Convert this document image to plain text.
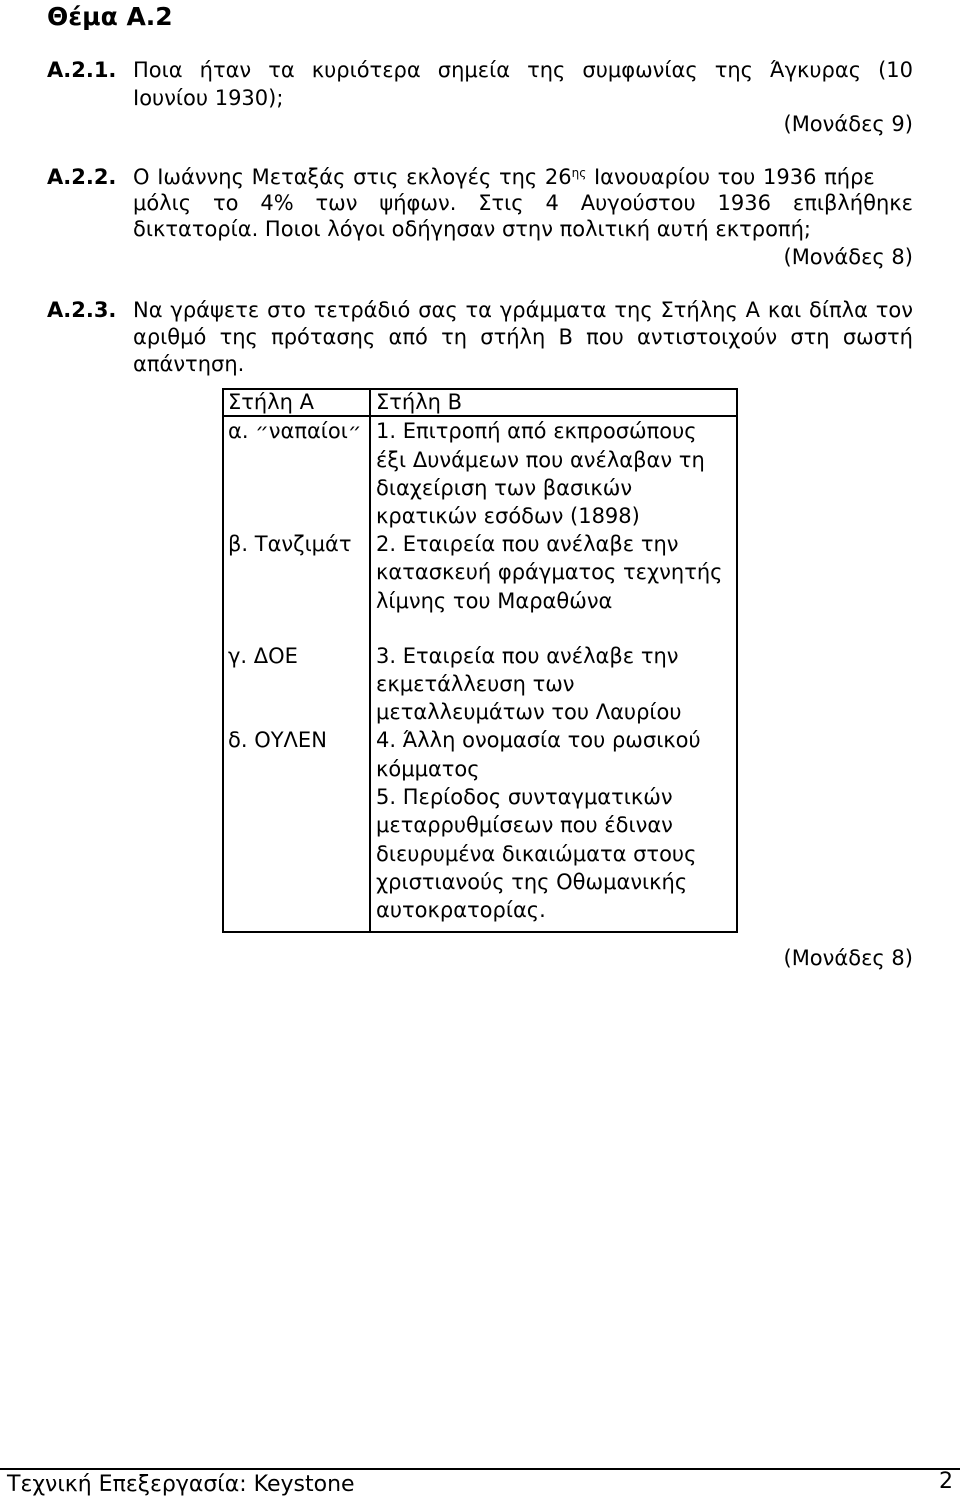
Θέμα Α.2
Α.2.1. Ποια ήταν τα κυριότερα σημεία της συμφωνίας της Άγκυρας (10
Ιουνίου 1930);
(Μονάδες 9)
Α.2.2. Ο Ιωάννης Μεταξάς στις εκλογές της $26^{\eta\varsigma}$ Ιανουαρίου του 1936 πήρε
μόλις το 4% των ψήφων. Στις 4 Αυγούστου 1936 επιβλήθηκε
δικτατορία. Ποιοι λόγοι οδήγησαν στην πολιτική αυτή εκτροπή;
(Μονάδες 8)
Α.2.3. Να γράψετε στο τετράδιό σας τα γράμματα της Στήλης Α και δίπλα τον
αριθμό της πρότασης από τη στήλη Β που αντιστοιχούν στη σωστή
απάντηση.
Στήλη Α	Στήλη Β
α. ״ναπαίοι״
β. Τανζιμάτ
γ. ΔΟΕ
δ. ΟΥΛΕΝ
1. Επιτροπή από εκπροσώπους
έξι Δυνάμεων που ανέλαβαν τη
διαχείριση των βασικών
κρατικών εσόδων (1898)
2. Εταιρεία που ανέλαβε την
κατασκευή φράγματος τεχνητής
λίμνης του Μαραθώνα
3. Εταιρεία που ανέλαβε την
εκμετάλλευση των
μεταλλευμάτων του Λαυρίου
4. Άλλη ονομασία του ρωσικού
κόμματος
5. Περίοδος συνταγματικών
μεταρρυθμίσεων που έδιναν
διευρυμένα δικαιώματα στους
χριστιανούς της Οθωμανικής
αυτοκρατορίας.
(Μονάδες 8)
Τεχνική Επεξεργασία: Keystone	2
